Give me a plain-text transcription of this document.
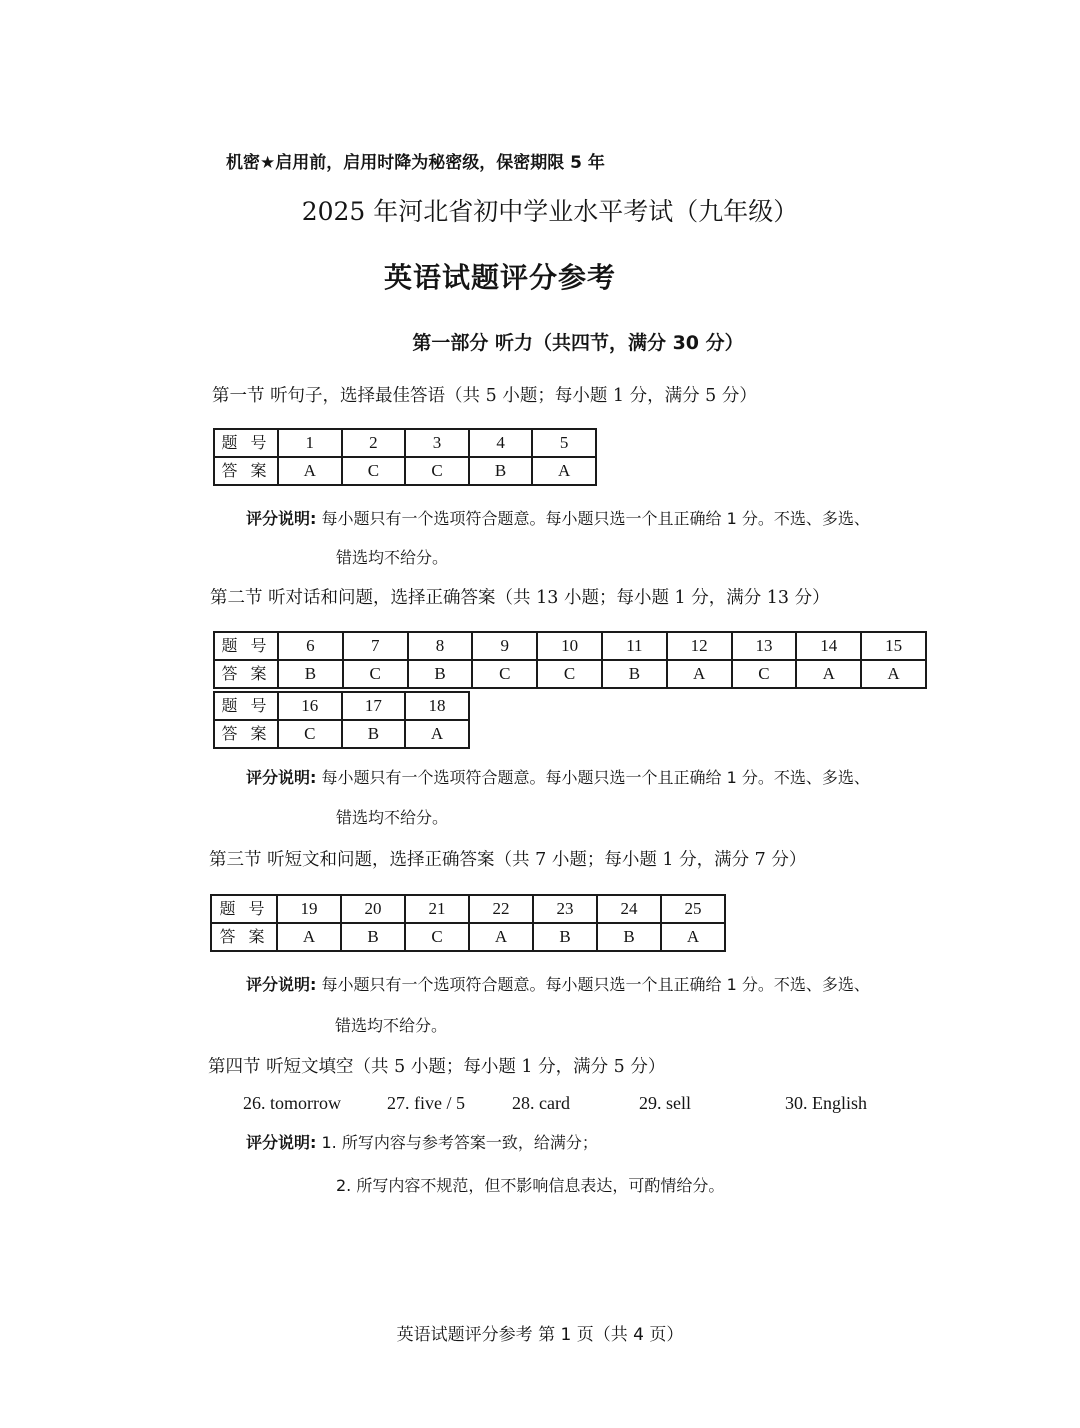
机密★启用前，启用时降为秘密级，保密期限 5 年
2025 年河北省初中学业水平考试（九年级）
英语试题评分参考
第一部分 听力（共四节，满分 30 分）
第一节 听句子，选择最佳答语（共 5 小题；每小题 1 分，满分 5 分）
题 号	1	2	3	4	5
答 案	A	C	C	B	A
评分说明: 每小题只有一个选项符合题意。每小题只选一个且正确给 1 分。不选、多选、
错选均不给分。
第二节 听对话和问题，选择正确答案（共 13 小题；每小题 1 分，满分 13 分）
题 号	6	7	8	9	10	11	12	13	14	15
答 案	B	C	B	C	C	B	A	C	A	A
题 号	16	17	18
答 案	C	B	A
评分说明: 每小题只有一个选项符合题意。每小题只选一个且正确给 1 分。不选、多选、
错选均不给分。
第三节 听短文和问题，选择正确答案（共 7 小题；每小题 1 分，满分 7 分）
题 号	19	20	21	22	23	24	25
答 案	A	B	C	A	B	B	A
评分说明: 每小题只有一个选项符合题意。每小题只选一个且正确给 1 分。不选、多选、
错选均不给分。
第四节 听短文填空（共 5 小题；每小题 1 分，满分 5 分）
26. tomorrow	27. five / 5	28. card	29. sell	30. English
评分说明: 1. 所写内容与参考答案一致，给满分；
2. 所写内容不规范，但不影响信息表达，可酌情给分。
英语试题评分参考 第 1 页（共 4 页）
